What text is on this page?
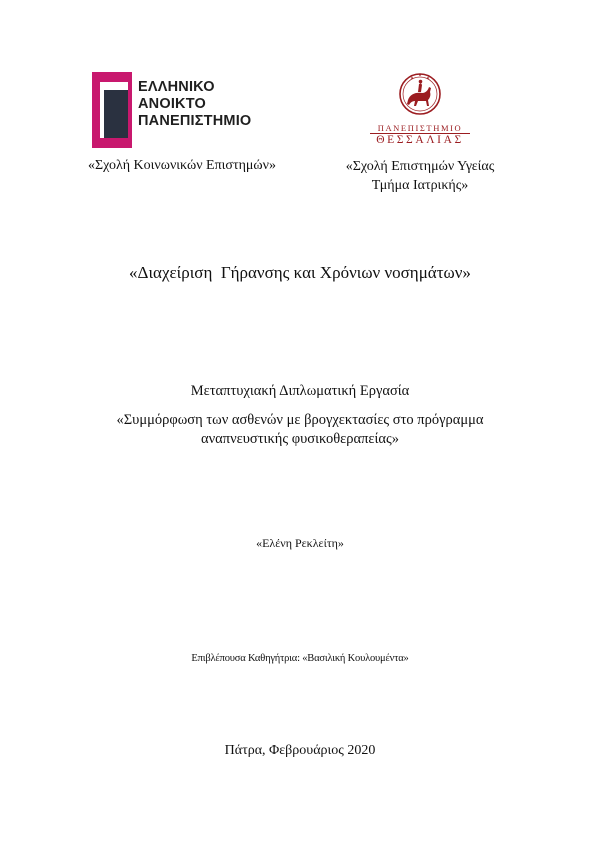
ΕΛΛΗΝΙΚΟ
ΑΝΟΙΚΤΟ
ΠΑΝΕΠΙΣΤΗΜΙΟ	ΠΑΝΕΠΙΣΤΗΜΙΟ
ΘΕΣΣΑΛΙΑΣ
«Σχολή Κοινωνικών Επιστημών»	«Σχολή Επιστημών Υγείας
Τμήμα Ιατρικής»
«Διαχείριση  Γήρανσης και Χρόνιων νοσημάτων»
Μεταπτυχιακή Διπλωματική Εργασία
«Συμμόρφωση των ασθενών με βρογχεκτασίες στο πρόγραμμα
αναπνευστικής φυσικοθεραπείας»
«Ελένη Ρεκλείτη»
Επιβλέπουσα Καθηγήτρια: «Βασιλική Κουλουμέντα»
Πάτρα, Φεβρουάριος 2020
